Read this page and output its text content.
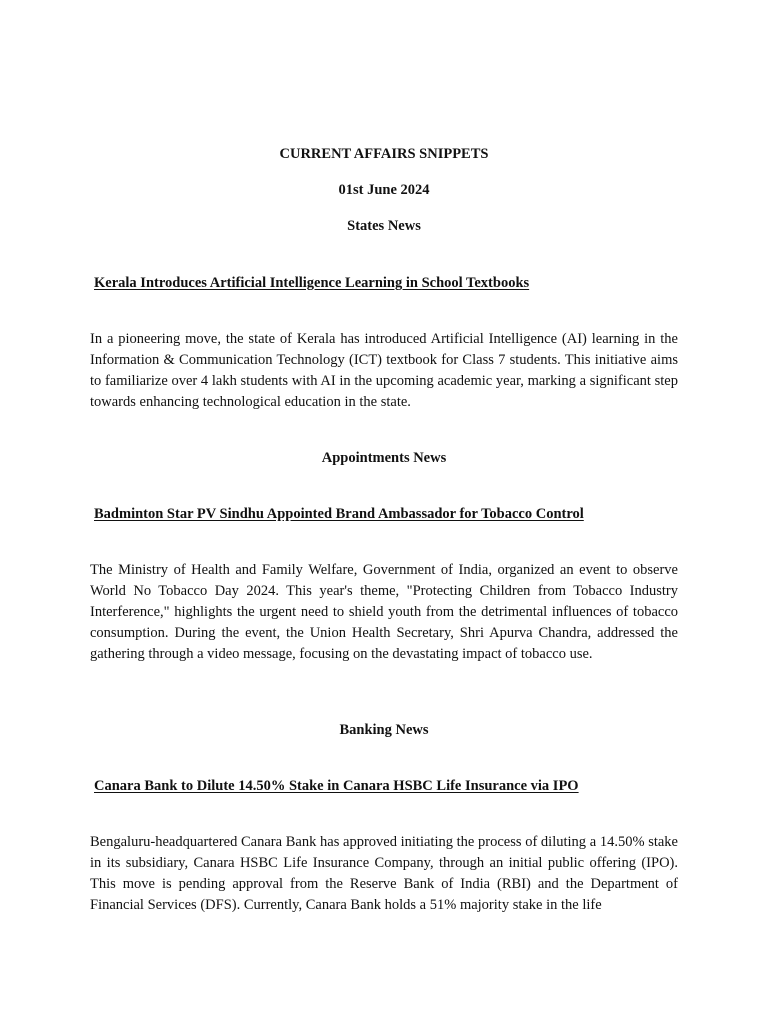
CURRENT AFFAIRS SNIPPETS
01st June 2024
States News
Kerala Introduces Artificial Intelligence Learning in School Textbooks

In a pioneering move, the state of Kerala has introduced Artificial Intelligence (AI) learning in the Information & Communication Technology (ICT) textbook for Class 7 students. This initiative aims to familiarize over 4 lakh students with AI in the upcoming academic year, marking a significant step towards enhancing technological education in the state.

Appointments News
Badminton Star PV Sindhu Appointed Brand Ambassador for Tobacco Control

The Ministry of Health and Family Welfare, Government of India, organized an event to observe World No Tobacco Day 2024. This year's theme, "Protecting Children from Tobacco Industry Interference," highlights the urgent need to shield youth from the detrimental influences of tobacco consumption. During the event, the Union Health Secretary, Shri Apurva Chandra, addressed the gathering through a video message, focusing on the devastating impact of tobacco use.

Banking News
Canara Bank to Dilute 14.50% Stake in Canara HSBC Life Insurance via IPO

Bengaluru-headquartered Canara Bank has approved initiating the process of diluting a 14.50% stake in its subsidiary, Canara HSBC Life Insurance Company, through an initial public offering (IPO). This move is pending approval from the Reserve Bank of India (RBI) and the Department of Financial Services (DFS). Currently, Canara Bank holds a 51% majority stake in the life
